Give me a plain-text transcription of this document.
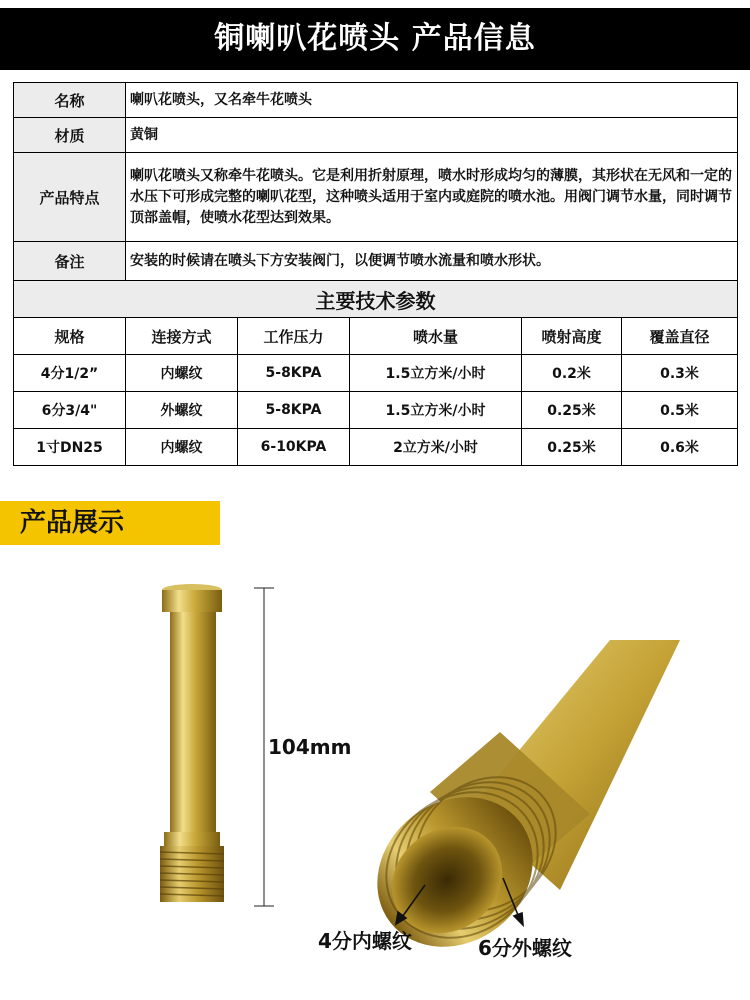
铜喇叭花喷头 产品信息
名称	喇叭花喷头，又名牵牛花喷头				
材质	黄铜				
产品特点	喇叭花喷头又称牵牛花喷头。它是利用折射原理，喷水时形成均匀的薄膜，其形状在无风和一定的水压下可形成完整的喇叭花型，这种喷头适用于室内或庭院的喷水池。用阀门调节水量，同时调节顶部盖帽，使喷水花型达到效果。				
备注	安装的时候请在喷头下方安装阀门，以便调节喷水流量和喷水形状。				
主要技术参数					
规格	连接方式	工作压力	喷水量	喷射高度	覆盖直径
4分1/2”	内螺纹	5-8KPA	1.5立方米/小时	0.2米	0.3米
6分3/4"	外螺纹	5-8KPA	1.5立方米/小时	0.25米	0.5米
1寸DN25	内螺纹	6-10KPA	2立方米/小时	0.25米	0.6米
产品展示
104mm
4分内螺纹	6分外螺纹
